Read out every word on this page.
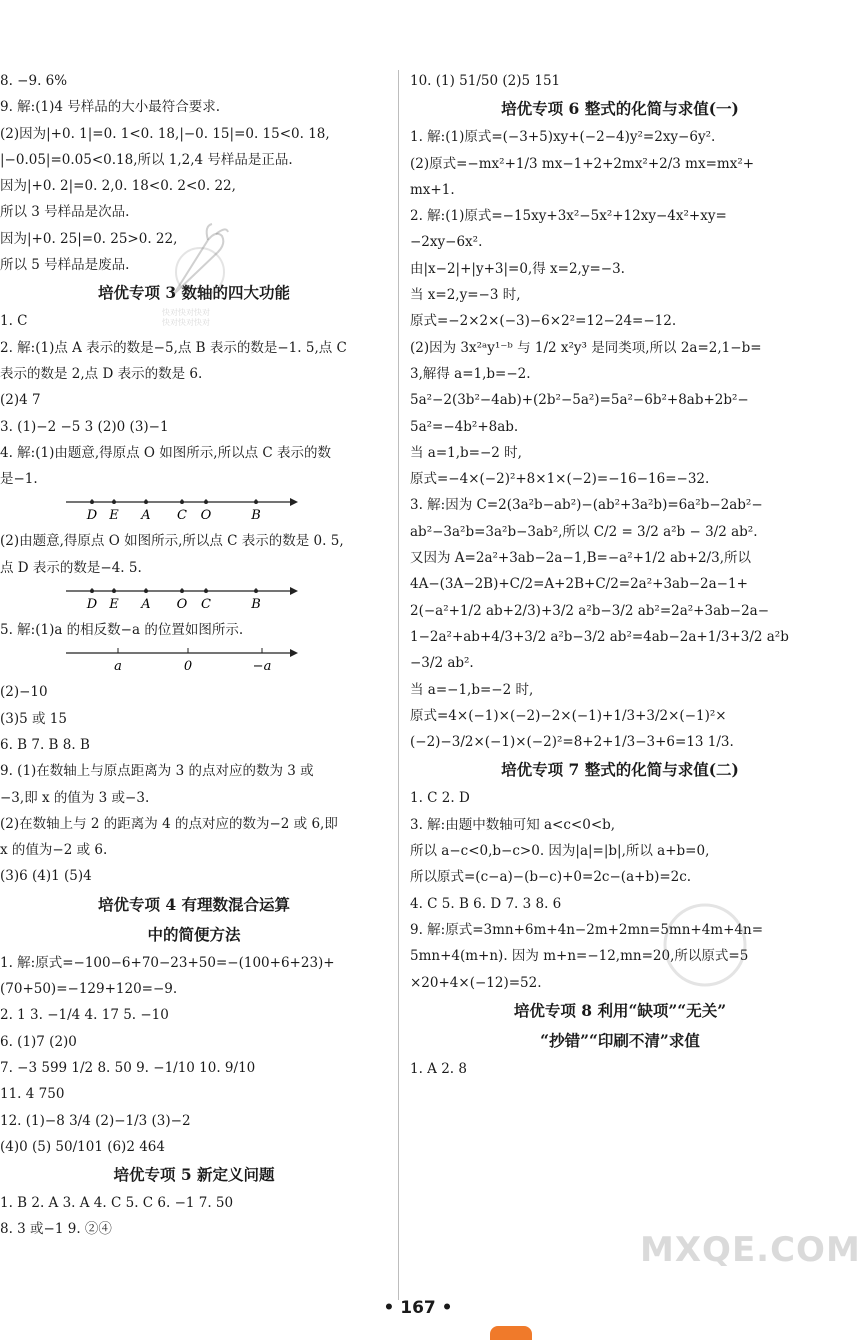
8. −9. 6%
9. 解:(1)4 号样品的大小最符合要求.
(2)因为|+0. 1|=0. 1<0. 18,|−0. 15|=0. 15<0. 18,
|−0.05|=0.05<0.18,所以 1,2,4 号样品是正品.
因为|+0. 2|=0. 2,0. 18<0. 2<0. 22,
所以 3 号样品是次品.
因为|+0. 25|=0. 25>0. 22,
所以 5 号样品是废品.
培优专项 3 数轴的四大功能
1. C
2. 解:(1)点 A 表示的数是−5,点 B 表示的数是−1. 5,点 C
表示的数是 2,点 D 表示的数是 6.
(2)4 7
3. (1)−2 −5 3 (2)0 (3)−1
4. 解:(1)由题意,得原点 O 如图所示,所以点 C 表示的数
是−1.
D E A C O	B
(2)由题意,得原点 O 如图所示,所以点 C 表示的数是 0. 5,
点 D 表示的数是−4. 5.
D E A O C	B
5. 解:(1)a 的相反数−a 的位置如图所示.
a	0	−a
(2)−10
(3)5 或 15
6. B 7. B 8. B
9. (1)在数轴上与原点距离为 3 的点对应的数为 3 或
−3,即 x 的值为 3 或−3.
(2)在数轴上与 2 的距离为 4 的点对应的数为−2 或 6,即
x 的值为−2 或 6.
(3)6 (4)1 (5)4
培优专项 4 有理数混合运算
中的简便方法
1. 解:原式=−100−6+70−23+50=−(100+6+23)+
(70+50)=−129+120=−9.
2. 1 3. −1/4 4. 17 5. −10
6. (1)7 (2)0
7. −3 599 1/2 8. 50 9. −1/10 10. 9/10
11. 4 750
12. (1)−8 3/4 (2)−1/3 (3)−2
(4)0 (5) 50/101 (6)2 464
培优专项 5 新定义问题
1. B 2. A 3. A 4. C 5. C 6. −1 7. 50
8. 3 或−1 9. ②④
10. (1) 51/50 (2)5 151
培优专项 6 整式的化简与求值(一)
1. 解:(1)原式=(−3+5)xy+(−2−4)y²=2xy−6y².
(2)原式=−mx²+1/3 mx−1+2+2mx²+2/3 mx=mx²+
mx+1.
2. 解:(1)原式=−15xy+3x²−5x²+12xy−4x²+xy=
−2xy−6x².
由|x−2|+|y+3|=0,得 x=2,y=−3.
当 x=2,y=−3 时,
原式=−2×2×(−3)−6×2²=12−24=−12.
(2)因为 3x²ᵃy¹⁻ᵇ 与 1/2 x²y³ 是同类项,所以 2a=2,1−b=
3,解得 a=1,b=−2.
5a²−2(3b²−4ab)+(2b²−5a²)=5a²−6b²+8ab+2b²−
5a²=−4b²+8ab.
当 a=1,b=−2 时,
原式=−4×(−2)²+8×1×(−2)=−16−16=−32.
3. 解:因为 C=2(3a²b−ab²)−(ab²+3a²b)=6a²b−2ab²−
ab²−3a²b=3a²b−3ab²,所以 C/2 = 3/2 a²b − 3/2 ab².
又因为 A=2a²+3ab−2a−1,B=−a²+1/2 ab+2/3,所以
4A−(3A−2B)+C/2=A+2B+C/2=2a²+3ab−2a−1+
2(−a²+1/2 ab+2/3)+3/2 a²b−3/2 ab²=2a²+3ab−2a−
1−2a²+ab+4/3+3/2 a²b−3/2 ab²=4ab−2a+1/3+3/2 a²b
−3/2 ab².
当 a=−1,b=−2 时,
原式=4×(−1)×(−2)−2×(−1)+1/3+3/2×(−1)²×
(−2)−3/2×(−1)×(−2)²=8+2+1/3−3+6=13 1/3.
培优专项 7 整式的化简与求值(二)
1. C 2. D
3. 解:由题中数轴可知 a<c<0<b,
所以 a−c<0,b−c>0. 因为|a|=|b|,所以 a+b=0,
所以原式=(c−a)−(b−c)+0=2c−(a+b)=2c.
4. C 5. B 6. D 7. 3 8. 6
9. 解:原式=3mn+6m+4n−2m+2mn=5mn+4m+4n=
5mn+4(m+n). 因为 m+n=−12,mn=20,所以原式=5
×20+4×(−12)=52.
培优专项 8 利用“缺项”“无关”
“抄错”“印刷不清”求值
1. A 2. 8
快对快对快对
快对快对快对
MXQE.COM
• 167 •
